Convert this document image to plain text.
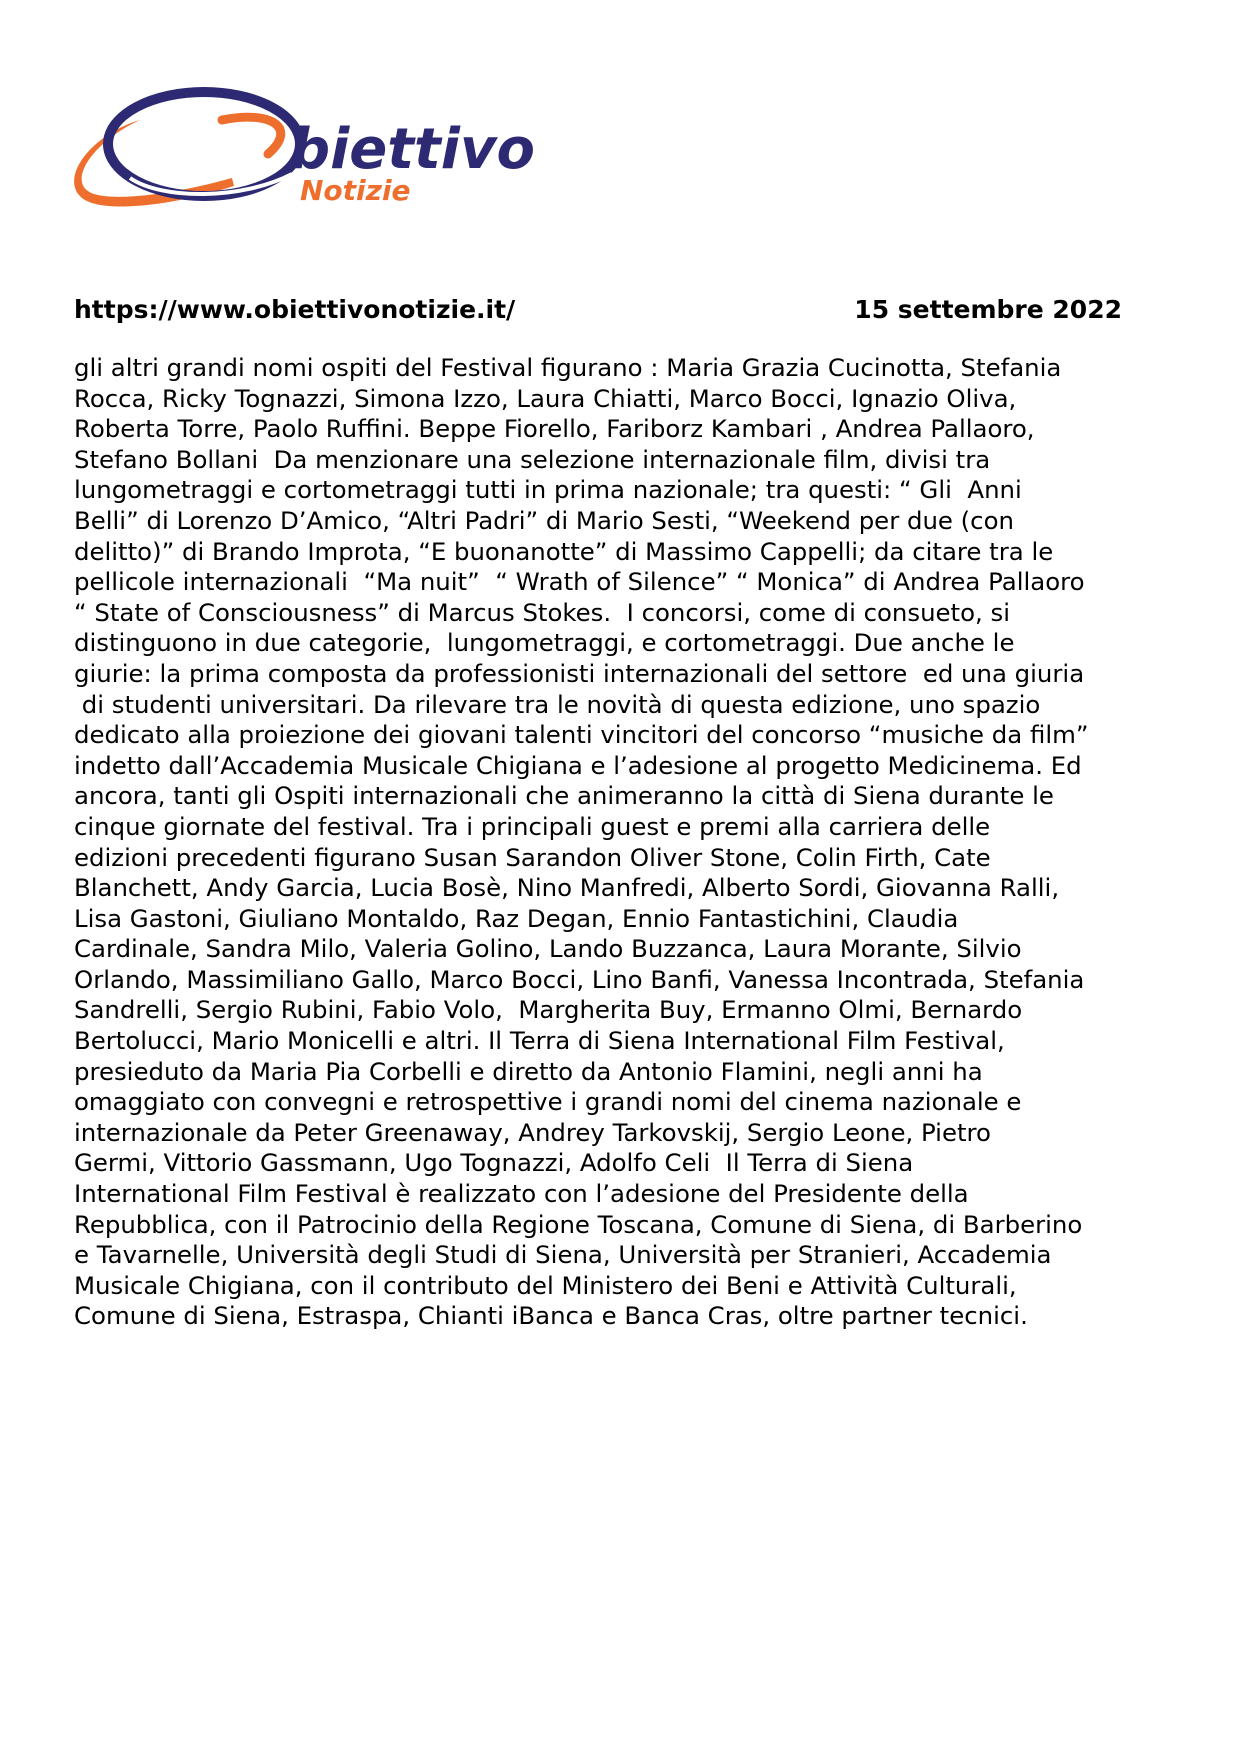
biettivo
Notizie
https://www.obiettivonotizie.it/	15 settembre 2022
gli altri grandi nomi ospiti del Festival figurano : Maria Grazia Cucinotta, Stefania
Rocca, Ricky Tognazzi, Simona Izzo, Laura Chiatti, Marco Bocci, Ignazio Oliva,
Roberta Torre, Paolo Ruffini. Beppe Fiorello, Fariborz Kambari , Andrea Pallaoro,
Stefano Bollani  Da menzionare una selezione internazionale film, divisi tra
lungometraggi e cortometraggi tutti in prima nazionale; tra questi: “ Gli  Anni
Belli” di Lorenzo D’Amico, “Altri Padri” di Mario Sesti, “Weekend per due (con
delitto)” di Brando Improta, “E buonanotte” di Massimo Cappelli; da citare tra le
pellicole internazionali  “Ma nuit”  “ Wrath of Silence” “ Monica” di Andrea Pallaoro
“ State of Consciousness” di Marcus Stokes.  I concorsi, come di consueto, si
distinguono in due categorie,  lungometraggi, e cortometraggi. Due anche le
giurie: la prima composta da professionisti internazionali del settore  ed una giuria
di studenti universitari. Da rilevare tra le novità di questa edizione, uno spazio
dedicato alla proiezione dei giovani talenti vincitori del concorso “musiche da film”
indetto dall’Accademia Musicale Chigiana e l’adesione al progetto Medicinema. Ed
ancora, tanti gli Ospiti internazionali che animeranno la città di Siena durante le
cinque giornate del festival. Tra i principali guest e premi alla carriera delle
edizioni precedenti figurano Susan Sarandon Oliver Stone, Colin Firth, Cate
Blanchett, Andy Garcia, Lucia Bosè, Nino Manfredi, Alberto Sordi, Giovanna Ralli,
Lisa Gastoni, Giuliano Montaldo, Raz Degan, Ennio Fantastichini, Claudia
Cardinale, Sandra Milo, Valeria Golino, Lando Buzzanca, Laura Morante, Silvio
Orlando, Massimiliano Gallo, Marco Bocci, Lino Banfi, Vanessa Incontrada, Stefania
Sandrelli, Sergio Rubini, Fabio Volo,  Margherita Buy, Ermanno Olmi, Bernardo
Bertolucci, Mario Monicelli e altri. Il Terra di Siena International Film Festival,
presieduto da Maria Pia Corbelli e diretto da Antonio Flamini, negli anni ha
omaggiato con convegni e retrospettive i grandi nomi del cinema nazionale e
internazionale da Peter Greenaway, Andrey Tarkovskij, Sergio Leone, Pietro
Germi, Vittorio Gassmann, Ugo Tognazzi, Adolfo Celi  Il Terra di Siena
International Film Festival è realizzato con l’adesione del Presidente della
Repubblica, con il Patrocinio della Regione Toscana, Comune di Siena, di Barberino
e Tavarnelle, Università degli Studi di Siena, Università per Stranieri, Accademia
Musicale Chigiana, con il contributo del Ministero dei Beni e Attività Culturali,
Comune di Siena, Estraspa, Chianti iBanca e Banca Cras, oltre partner tecnici.
